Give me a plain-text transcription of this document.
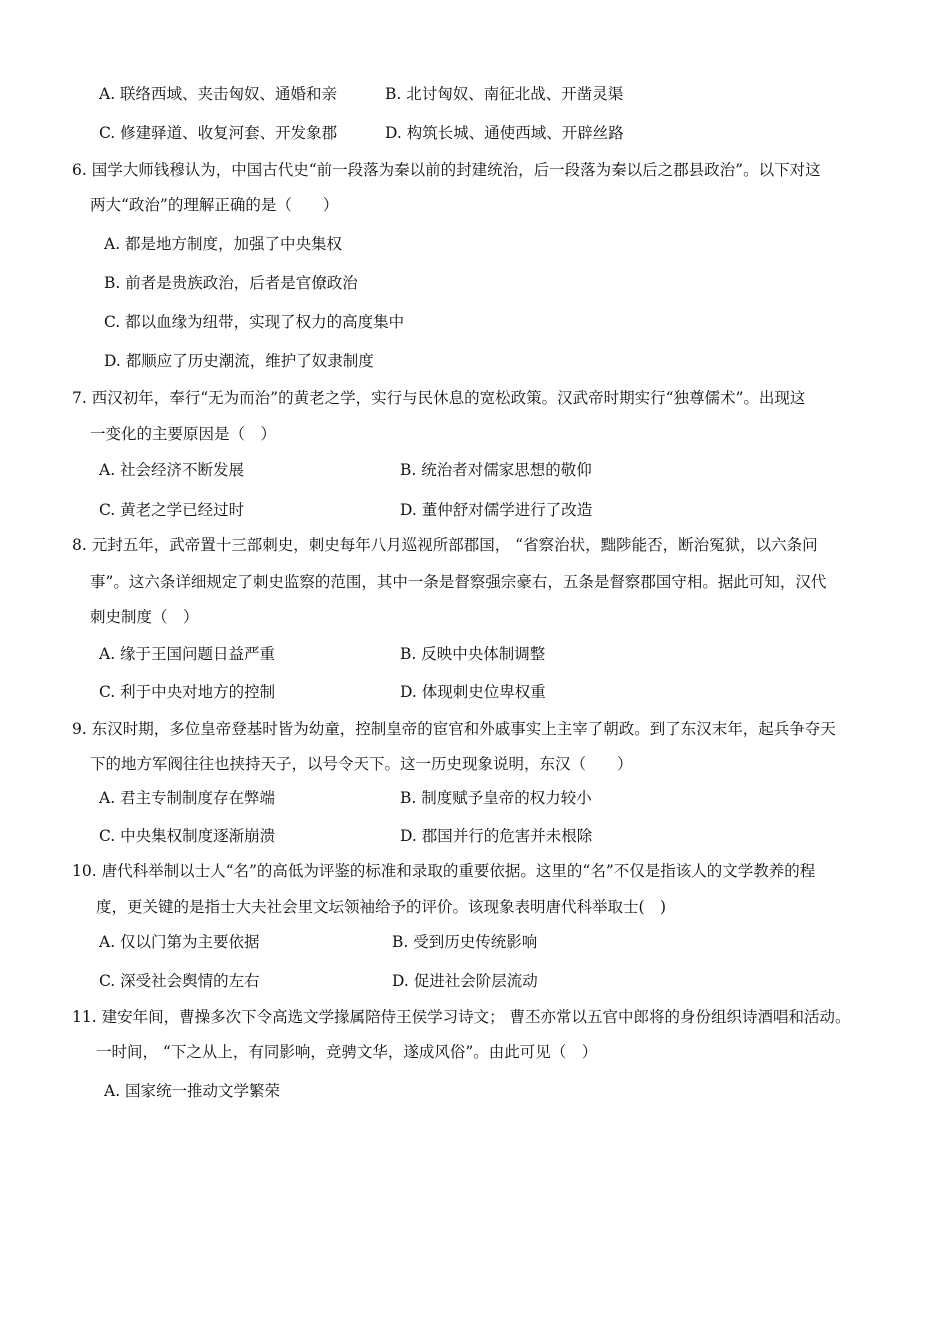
A. 联络西域、夹击匈奴、通婚和亲	B. 北讨匈奴、南征北战、开凿灵渠
C. 修建驿道、收复河套、开发象郡	D. 构筑长城、通使西域、开辟丝路
6. 国学大师钱穆认为，中国古代史“前一段落为秦以前的封建统治，后一段落为秦以后之郡县政治”。以下对这
两大“政治”的理解正确的是（　　）
A. 都是地方制度，加强了中央集权
B. 前者是贵族政治，后者是官僚政治
C. 都以血缘为纽带，实现了权力的高度集中
D. 都顺应了历史潮流，维护了奴隶制度
7. 西汉初年，奉行“无为而治”的黄老之学，实行与民休息的宽松政策。汉武帝时期实行“独尊儒术”。出现这
一变化的主要原因是（　）
A. 社会经济不断发展	B. 统治者对儒家思想的敬仰
C. 黄老之学已经过时	D. 董仲舒对儒学进行了改造
8. 元封五年，武帝置十三部刺史，刺史每年八月巡视所部郡国， “省察治状，黜陟能否，断治冤狱，以六条问
事”。这六条详细规定了刺史监察的范围，其中一条是督察强宗豪右，五条是督察郡国守相。据此可知，汉代
刺史制度（　）
A. 缘于王国问题日益严重	B. 反映中央体制调整
C. 利于中央对地方的控制	D. 体现刺史位卑权重
9. 东汉时期，多位皇帝登基时皆为幼童，控制皇帝的宦官和外戚事实上主宰了朝政。到了东汉末年，起兵争夺天
下的地方军阀往往也挟持天子，以号令天下。这一历史现象说明，东汉（　　）
A. 君主专制制度存在弊端	B. 制度赋予皇帝的权力较小
C. 中央集权制度逐渐崩溃	D. 郡国并行的危害并未根除
10. 唐代科举制以士人“名”的高低为评鉴的标准和录取的重要依据。这里的“名”不仅是指该人的文学教养的程
度，更关键的是指士大夫社会里文坛领袖给予的评价。该现象表明唐代科举取士(　)
A. 仅以门第为主要依据	B. 受到历史传统影响
C. 深受社会舆情的左右	D. 促进社会阶层流动
11. 建安年间，曹操多次下令高选文学掾属陪侍王侯学习诗文； 曹丕亦常以五官中郎将的身份组织诗酒唱和活动。
一时间， “下之从上，有同影响，竞骋文华，遂成风俗”。由此可见（　）
A. 国家统一推动文学繁荣
